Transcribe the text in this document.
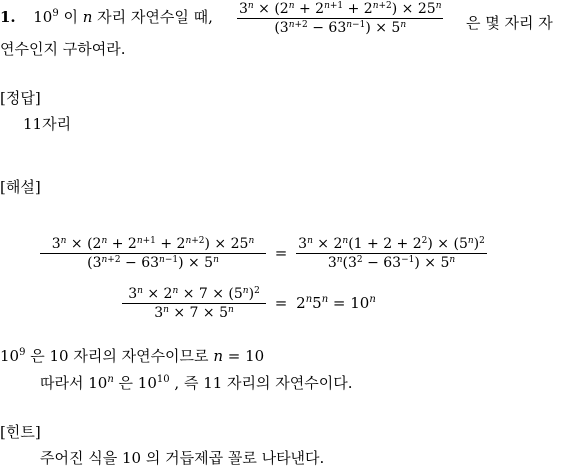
1. $10^9$ 이 n 자리 자연수일 때, $\frac{3^n \times (2^n + 2^{n+1} + 2^{n+2}) \times 25^n}{(3^{n+2} - 63^{n-1}) \times 5^n}$ 은 몇 자리 자
연수인지 구하여라.
[정답]
11자리
[해설]
$\frac{3^n \times (2^n + 2^{n+1} + 2^{n+2}) \times 25^n}{(3^{n+2} - 63^{n-1}) \times 5^n} = \frac{3^n \times 2^n(1 + 2 + 2^2) \times (5^n)^2}{3^n(3^2 - 63^{-1}) \times 5^n}$
$\frac{3^n \times 2^n \times 7 \times (5^n)^2}{3^n \times 7 \times 5^n} = 2^n5^n = 10^n$
$10^9$ 은 10 자리의 자연수이므로 n = 10
따라서 10$^n$ 은 $10^{10}$ , 즉 11 자리의 자연수이다.
[힌트]
주어진 식을 10 의 거듭제곱 꼴로 나타낸다.
